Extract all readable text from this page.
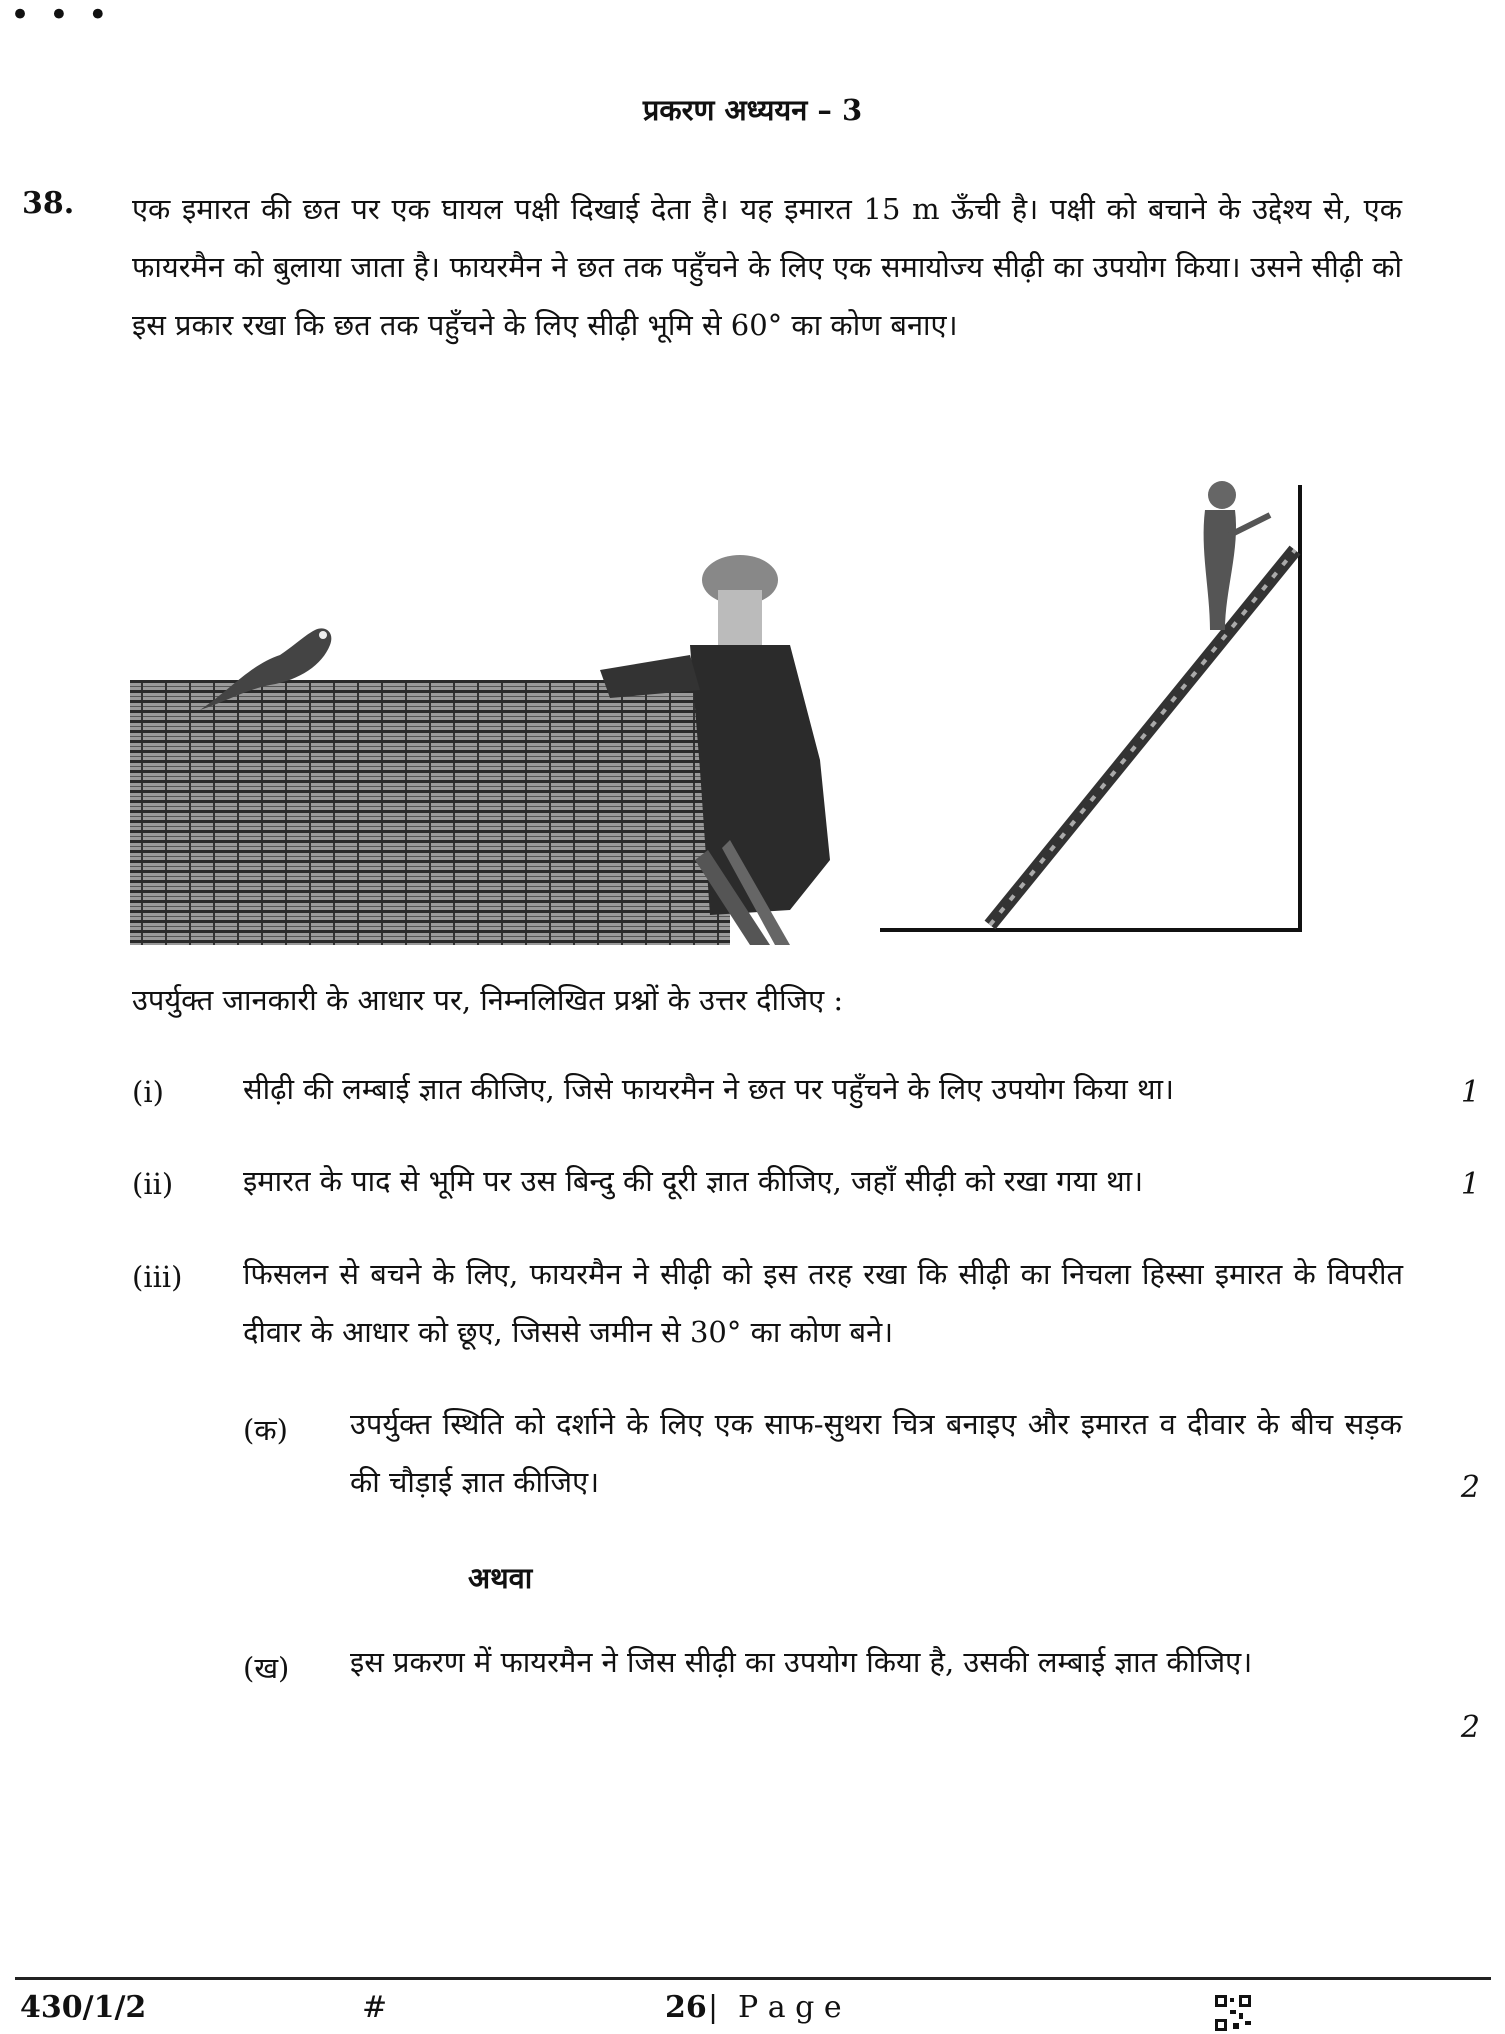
• • •
प्रकरण अध्ययन – 3
38. एक इमारत की छत पर एक घायल पक्षी दिखाई देता है। यह इमारत 15 m ऊँची है। पक्षी को बचाने के उद्देश्य से, एक फायरमैन को बुलाया जाता है। फायरमैन ने छत तक पहुँचने के लिए एक समायोज्य सीढ़ी का उपयोग किया। उसने सीढ़ी को इस प्रकार रखा कि छत तक पहुँचने के लिए सीढ़ी भूमि से 60° का कोण बनाए।
उपर्युक्त जानकारी के आधार पर, निम्नलिखित प्रश्नों के उत्तर दीजिए :
(i)	सीढ़ी की लम्बाई ज्ञात कीजिए, जिसे फायरमैन ने छत पर पहुँचने के लिए उपयोग किया था।	1
(ii) इमारत के पाद से भूमि पर उस बिन्दु की दूरी ज्ञात कीजिए, जहाँ सीढ़ी को रखा गया था।	1
(iii) फिसलन से बचने के लिए, फायरमैन ने सीढ़ी को इस तरह रखा कि सीढ़ी का निचला हिस्सा इमारत के विपरीत दीवार के आधार को छूए, जिससे जमीन से 30° का कोण बने।
(क) उपर्युक्त स्थिति को दर्शाने के लिए एक साफ-सुथरा चित्र बनाइए और इमारत व दीवार के बीच सड़क की चौड़ाई ज्ञात कीजिए।	2
अथवा
(ख) इस प्रकरण में फायरमैन ने जिस सीढ़ी का उपयोग किया है, उसकी लम्बाई ज्ञात कीजिए।
2
430/1/2	#	26 | P a g e
